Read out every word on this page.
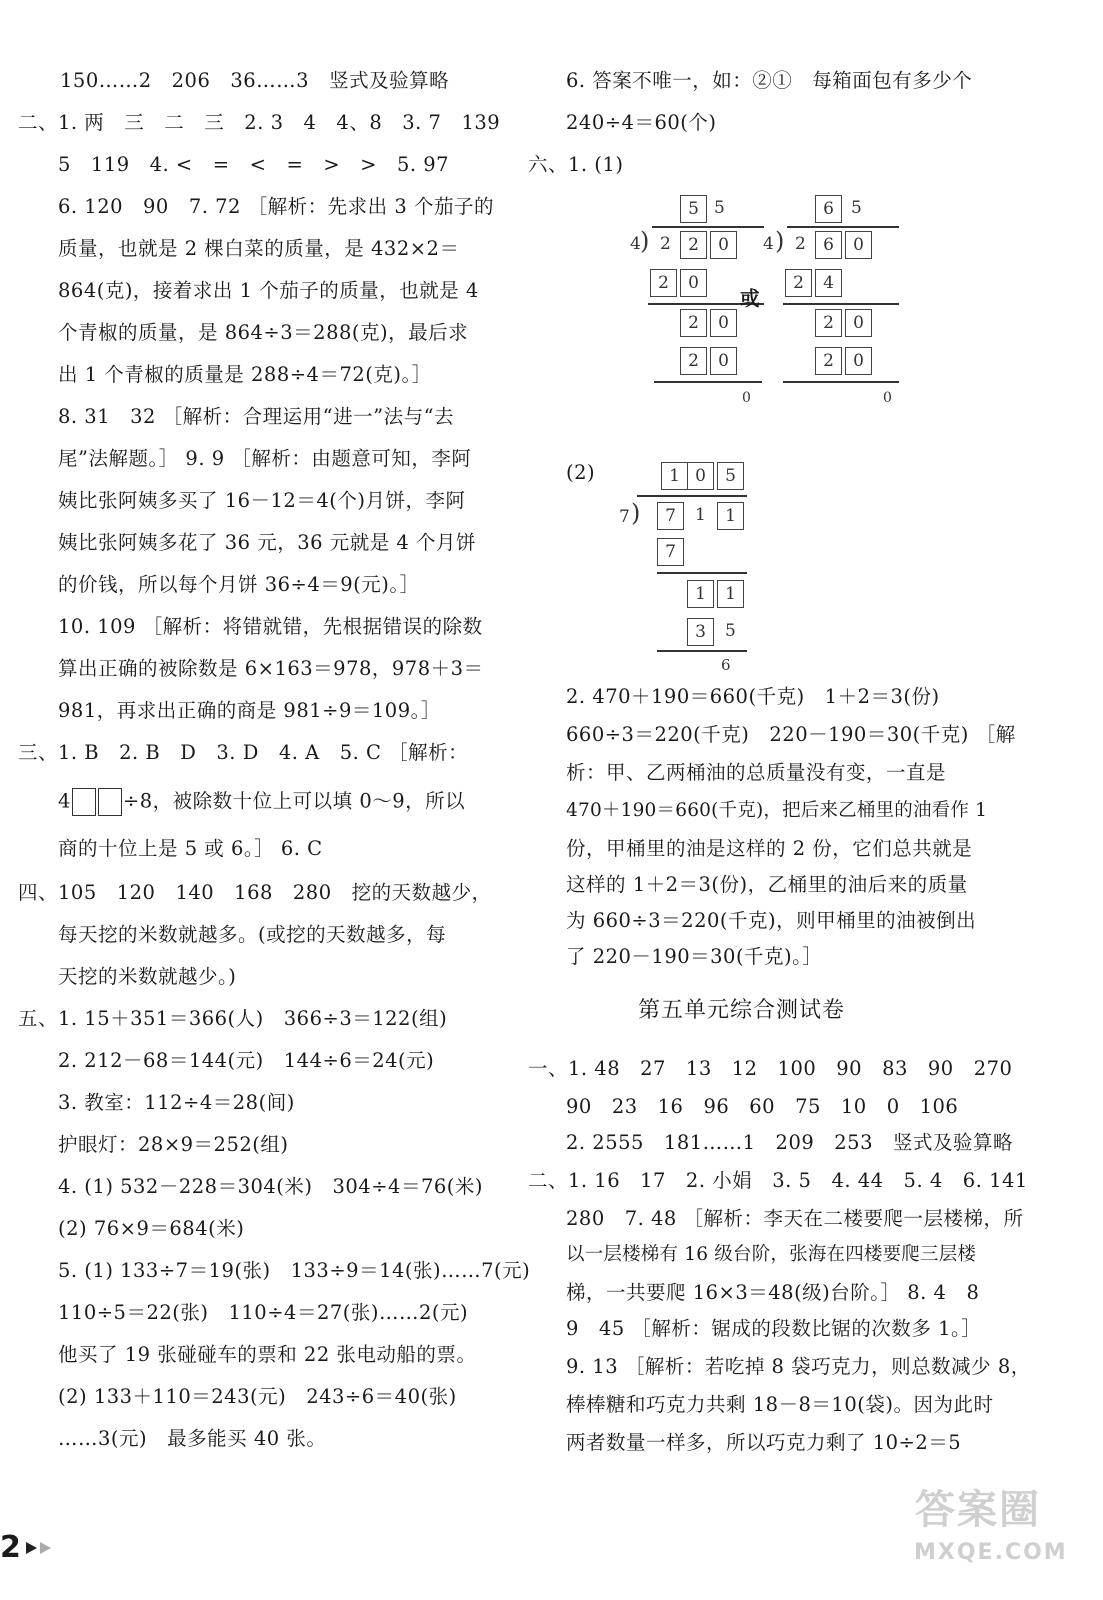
150……2　206　36……3　竖式及验算略
二、1. 两　三　二　三　2. 3　4　4、8　3. 7　139
5　119　4. <　=　<　=　>　>　5. 97
6. 120　90　7. 72 ［解析：先求出 3 个茄子的
质量，也就是 2 棵白菜的质量，是 432×2＝
864(克)，接着求出 1 个茄子的质量，也就是 4
个青椒的质量，是 864÷3＝288(克)，最后求
出 1 个青椒的质量是 288÷4＝72(克)。］
8. 31　32 ［解析：合理运用“进一”法与“去
尾”法解题。］ 9. 9 ［解析：由题意可知，李阿
姨比张阿姨多买了 16－12＝4(个)月饼，李阿
姨比张阿姨多花了 36 元，36 元就是 4 个月饼
的价钱，所以每个月饼 36÷4＝9(元)。］
10. 109 ［解析：将错就错，先根据错误的除数
算出正确的被除数是 6×163＝978，978＋3＝
981，再求出正确的商是 981÷9＝109。］
三、1. B　2. B　D　3. D　4. A　5. C ［解析：
4	÷8，被除数十位上可以填 0～9，所以
商的十位上是 5 或 6。］ 6. C
四、105　120　140　168　280　挖的天数越少，
每天挖的米数就越多。(或挖的天数越多，每
天挖的米数就越少。)
五、1. 15＋351＝366(人)　366÷3＝122(组)
2. 212－68＝144(元)　144÷6＝24(元)
3. 教室：112÷4＝28(间)
护眼灯：28×9＝252(组)
4. (1) 532－228＝304(米)　304÷4＝76(米)
(2) 76×9＝684(米)
5. (1) 133÷7＝19(张)　133÷9＝14(张)……7(元)
110÷5＝22(张)　110÷4＝27(张)……2(元)
他买了 19 张碰碰车的票和 22 张电动船的票。
(2) 133＋110＝243(元)　243÷6＝40(张)
……3(元)　最多能买 40 张。
6. 答案不唯一，如：②①　每箱面包有多少个
240÷4＝60(个)
六、1. (1)
5 5
4 ) 2	2	0
2	0
2	0
2	0
0
或
6	5
4 ) 2	6	0
2	4
2	0
2	0
0
(2)	1 0	5
7 )	7	1	1
7
1	1
3	5
6
2. 470＋190＝660(千克)　1＋2＝3(份)
660÷3＝220(千克)　220－190＝30(千克) ［解
析：甲、乙两桶油的总质量没有变，一直是
470＋190＝660(千克)，把后来乙桶里的油看作 1
份，甲桶里的油是这样的 2 份，它们总共就是
这样的 1＋2＝3(份)，乙桶里的油后来的质量
为 660÷3＝220(千克)，则甲桶里的油被倒出
了 220－190＝30(千克)。］
第五单元综合测试卷
一、1. 48　27　13　12　100　90　83　90　270
90　23　16　96　60　75　10　0　106
2. 2555　181……1　209　253　竖式及验算略
二、1. 16　17　2. 小娟　3. 5　4. 44　5. 4　6. 141
280　7. 48 ［解析：李天在二楼要爬一层楼梯，所
以一层楼梯有 16 级台阶，张海在四楼要爬三层楼
梯，一共要爬 16×3＝48(级)台阶。］ 8. 4　8
9　45 ［解析：锯成的段数比锯的次数多 1。］
9. 13 ［解析：若吃掉 8 袋巧克力，则总数减少 8，
棒棒糖和巧克力共剩 18－8＝10(袋)。因为此时
两者数量一样多，所以巧克力剩了 10÷2＝5
2
答案圈
MXQE.COM
